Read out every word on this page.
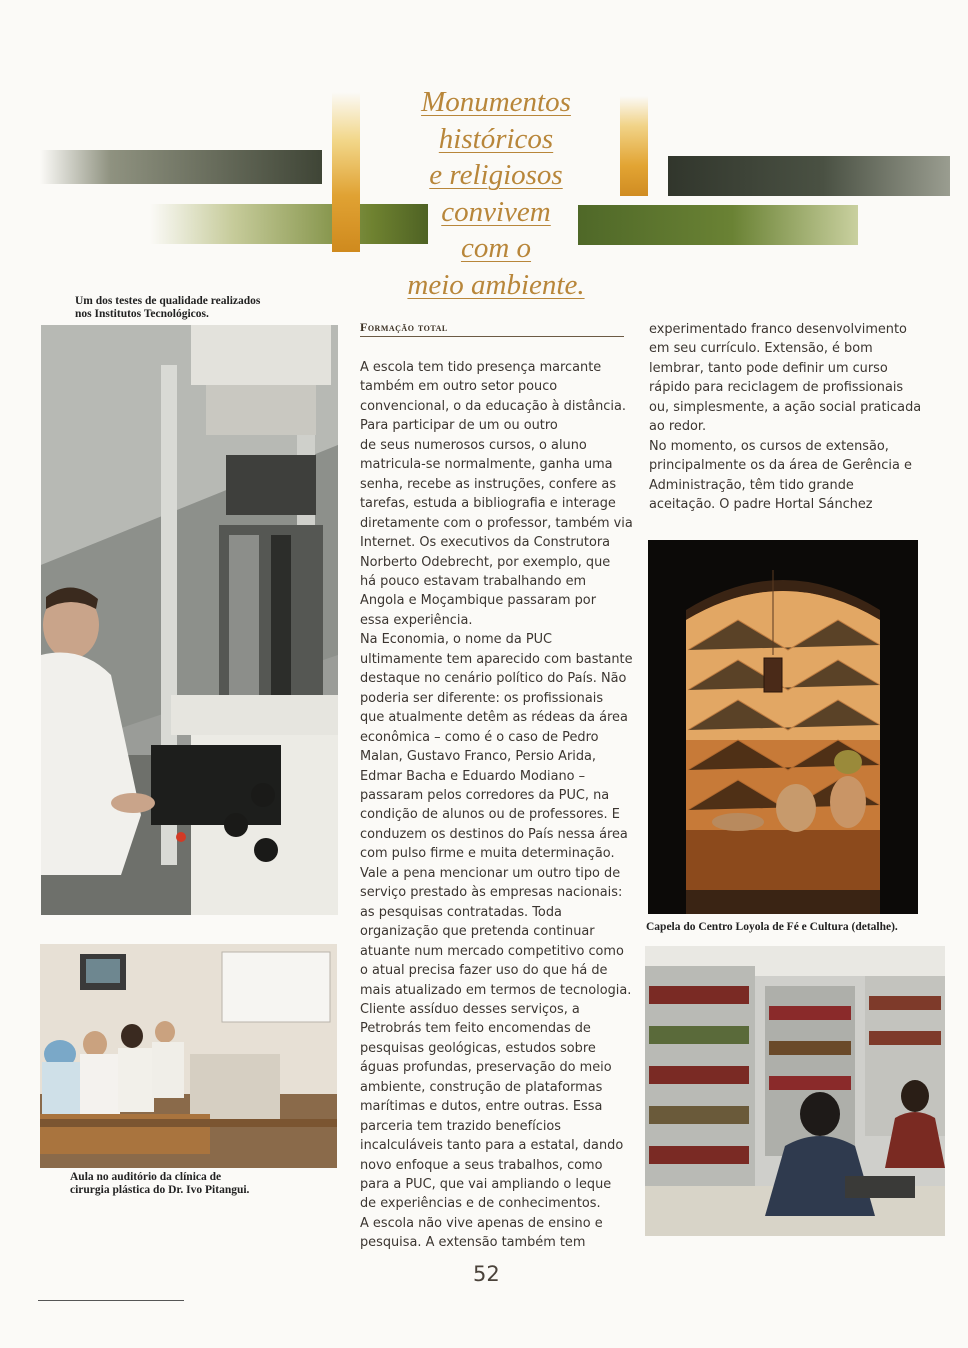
Monumentos
históricos
e religiosos
convivem
com o
meio ambiente.
Um dos testes de qualidade realizados
nos Institutos Tecnológicos.
Aula no auditório da clínica de
cirurgia plástica do Dr. Ivo Pitangui.
Formação total
A escola tem tido presença marcante
também em outro setor pouco
convencional, o da educação à distância.
Para participar de um ou outro
de seus numerosos cursos, o aluno
matricula-se normalmente, ganha uma
senha, recebe as instruções, confere as
tarefas, estuda a bibliografia e interage
diretamente com o professor, também via
Internet. Os executivos da Construtora
Norberto Odebrecht, por exemplo, que
há pouco estavam trabalhando em
Angola e Moçambique passaram por
essa experiência.
Na Economia, o nome da PUC
ultimamente tem aparecido com bastante
destaque no cenário político do País. Não
poderia ser diferente: os profissionais
que atualmente detêm as rédeas da área
econômica – como é o caso de Pedro
Malan, Gustavo Franco, Persio Arida,
Edmar Bacha e Eduardo Modiano –
passaram pelos corredores da PUC, na
condição de alunos ou de professores. E
conduzem os destinos do País nessa área
com pulso firme e muita determinação.
Vale a pena mencionar um outro tipo de
serviço prestado às empresas nacionais:
as pesquisas contratadas. Toda
organização que pretenda continuar
atuante num mercado competitivo como
o atual precisa fazer uso do que há de
mais atualizado em termos de tecnologia.
Cliente assíduo desses serviços, a
Petrobrás tem feito encomendas de
pesquisas geológicas, estudos sobre
águas profundas, preservação do meio
ambiente, construção de plataformas
marítimas e dutos, entre outras. Essa
parceria tem trazido benefícios
incalculáveis tanto para a estatal, dando
novo enfoque a seus trabalhos, como
para a PUC, que vai ampliando o leque
de experiências e de conhecimentos.
A escola não vive apenas de ensino e
pesquisa. A extensão também tem
experimentado franco desenvolvimento
em seu currículo. Extensão, é bom
lembrar, tanto pode definir um curso
rápido para reciclagem de profissionais
ou, simplesmente, a ação social praticada
ao redor.
No momento, os cursos de extensão,
principalmente os da área de Gerência e
Administração, têm tido grande
aceitação. O padre Hortal Sánchez
Capela do Centro Loyola de Fé e Cultura (detalhe).
52
